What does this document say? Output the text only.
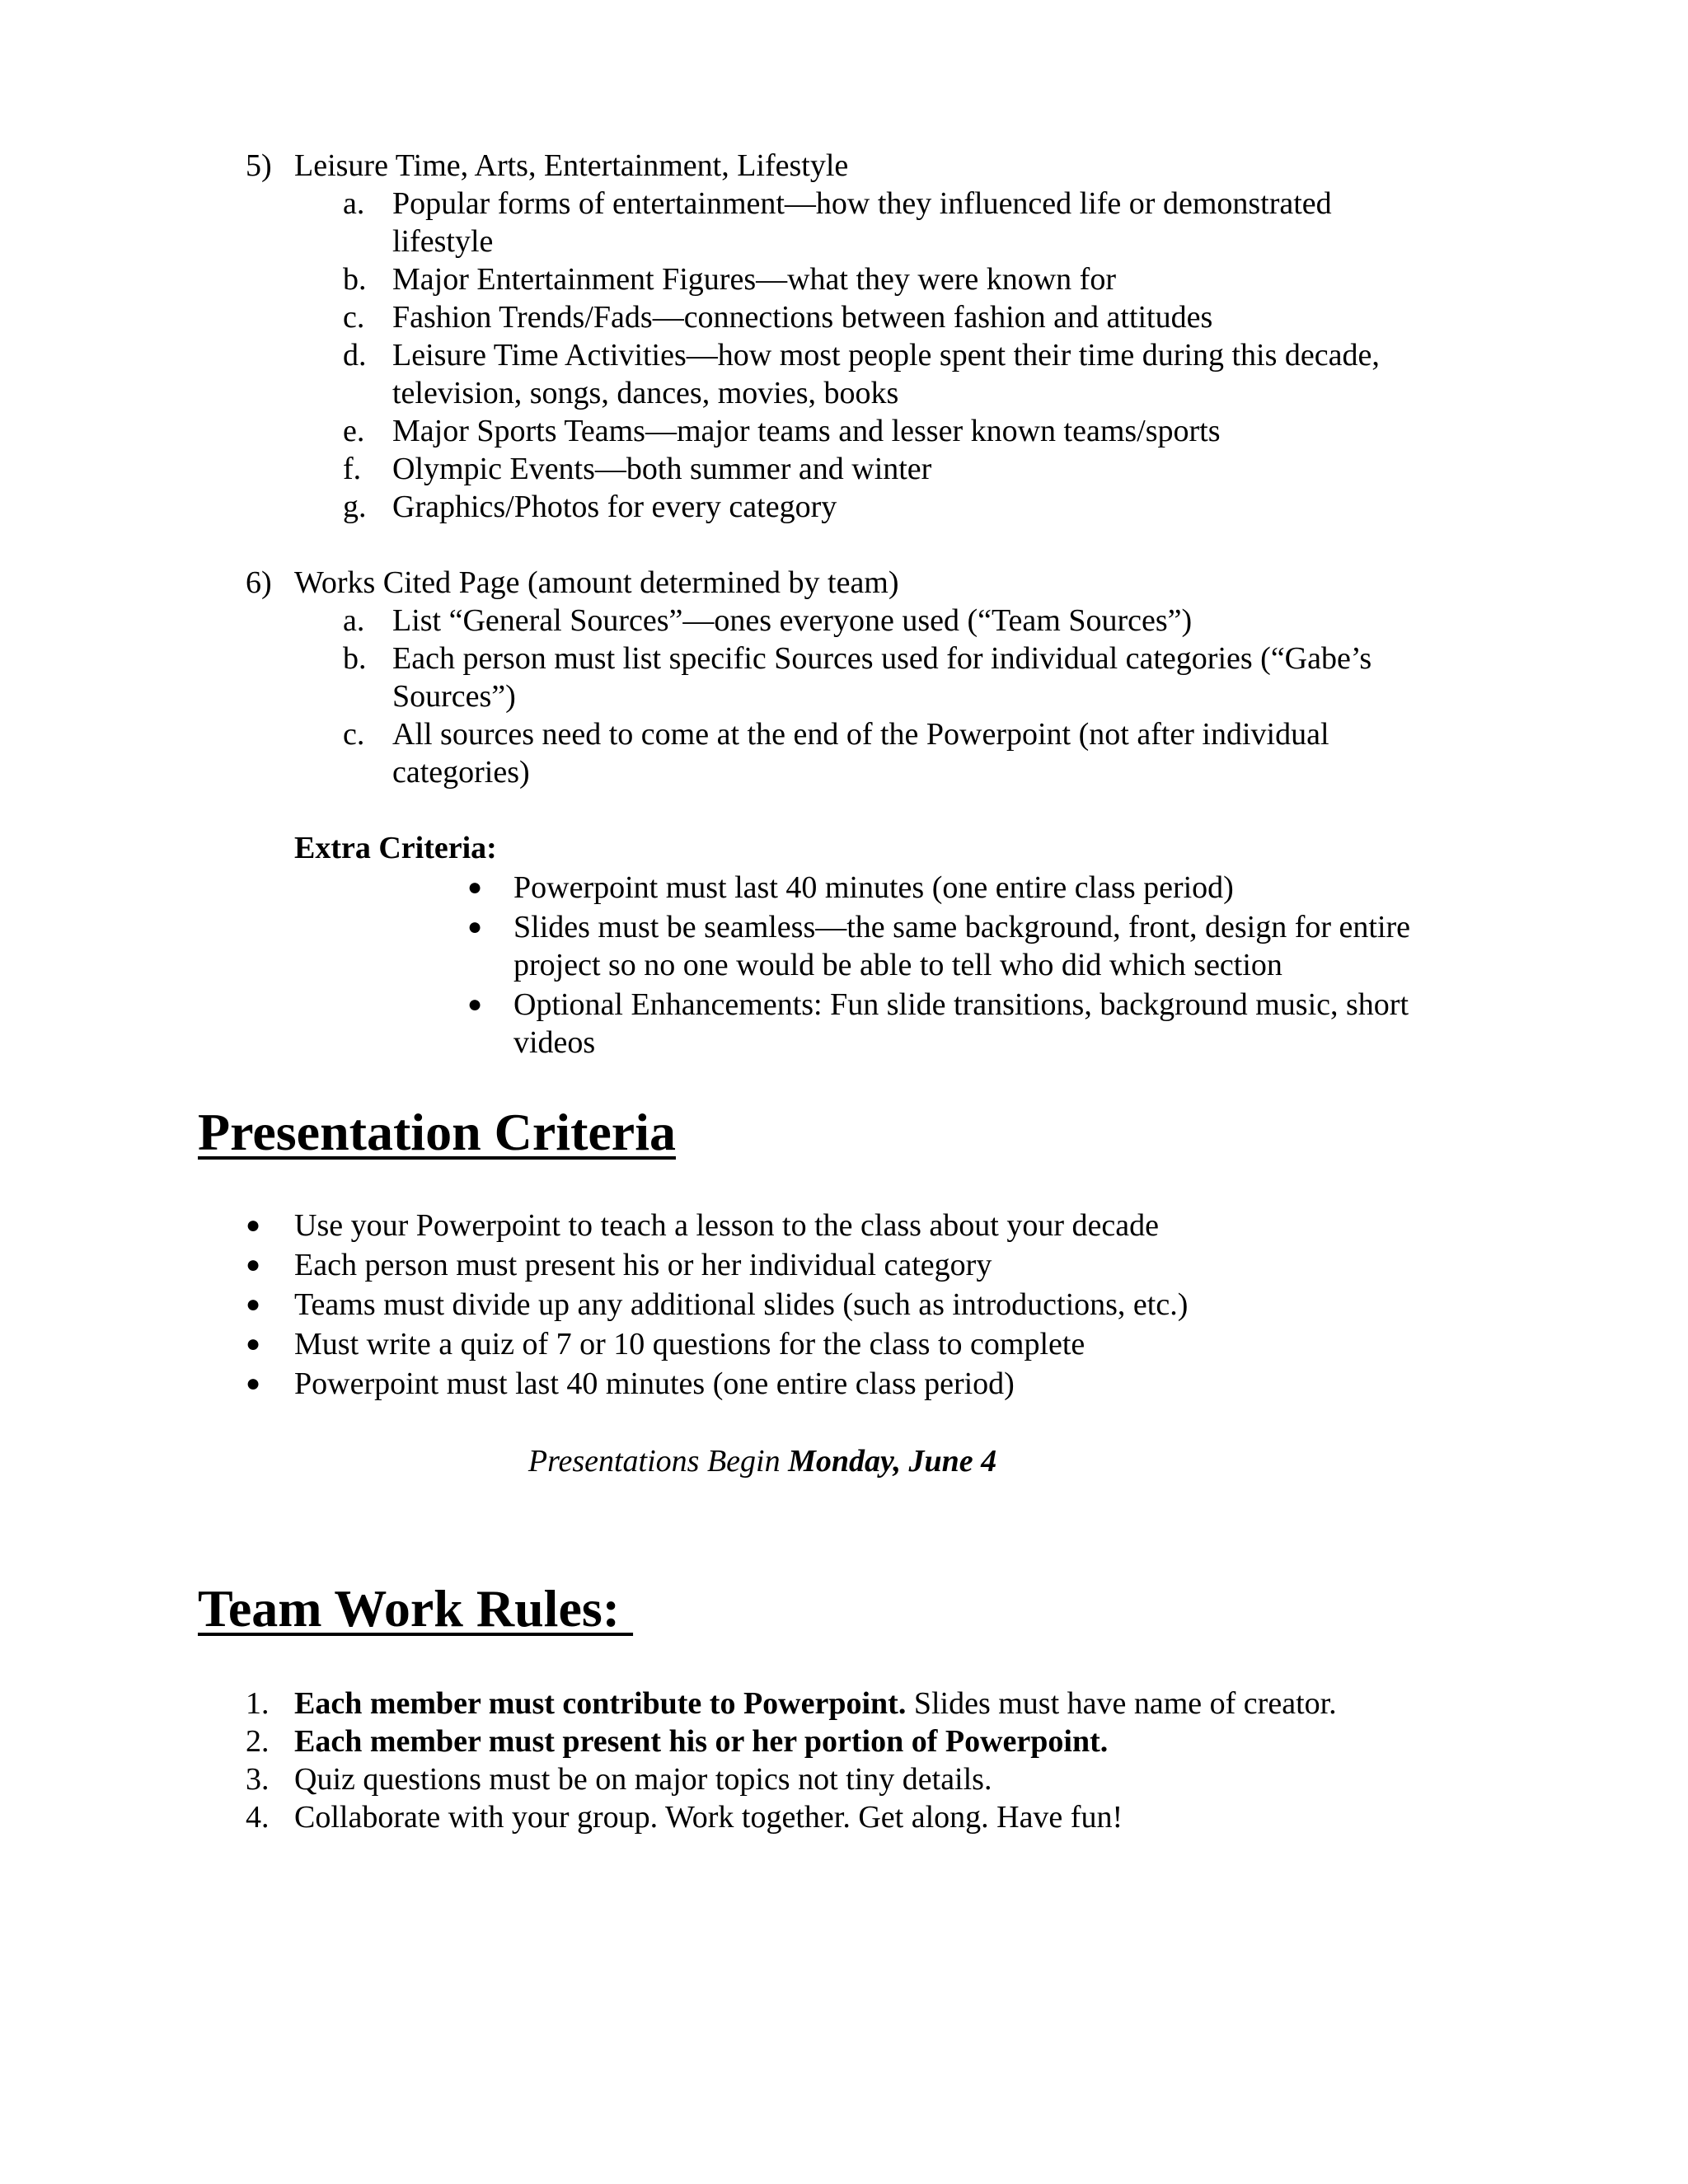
5) Leisure Time, Arts, Entertainment, Lifestyle
a. Popular forms of entertainment—how they influenced life or demonstrated
lifestyle
b. Major Entertainment Figures—what they were known for
c. Fashion Trends/Fads—connections between fashion and attitudes
d. Leisure Time Activities—how most people spent their time during this decade,
television, songs, dances, movies, books
e. Major Sports Teams—major teams and lesser known teams/sports
f. Olympic Events—both summer and winter
g. Graphics/Photos for every category
6) Works Cited Page (amount determined by team)
a. List “General Sources”—ones everyone used (“Team Sources”)
b. Each person must list specific Sources used for individual categories (“Gabe’s
Sources”)
c. All sources need to come at the end of the Powerpoint (not after individual
categories)
Extra Criteria:
● Powerpoint must last 40 minutes (one entire class period)
● Slides must be seamless—the same background, front, design for entire
project so no one would be able to tell who did which section
● Optional Enhancements: Fun slide transitions, background music, short
videos
Presentation Criteria
● Use your Powerpoint to teach a lesson to the class about your decade
● Each person must present his or her individual category
● Teams must divide up any additional slides (such as introductions, etc.)
● Must write a quiz of 7 or 10 questions for the class to complete
● Powerpoint must last 40 minutes (one entire class period)
Presentations Begin Monday, June 4
Team Work Rules:
1. Each member must contribute to Powerpoint. Slides must have name of creator.
2. Each member must present his or her portion of Powerpoint.
3. Quiz questions must be on major topics not tiny details.
4. Collaborate with your group. Work together. Get along. Have fun!
